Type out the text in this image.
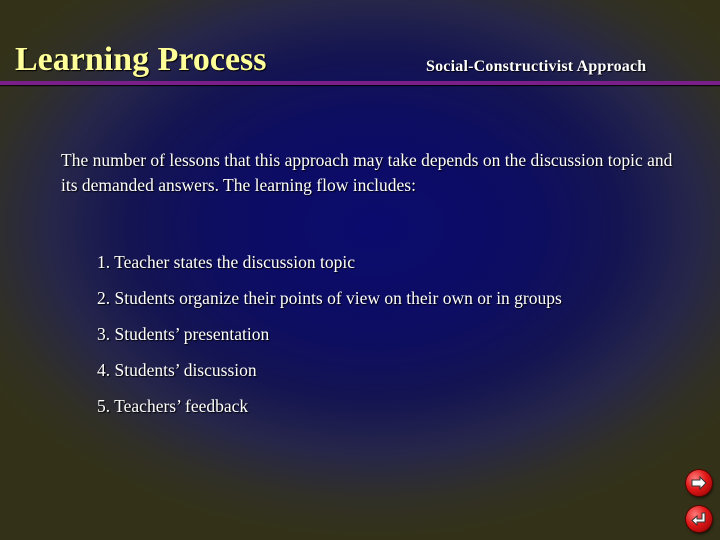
Learning Process	Social-Constructivist Approach

The number of lessons that this approach may take depends on the discussion topic and its demanded answers. The learning flow includes:

1. Teacher states the discussion topic
2. Students organize their points of view on their own or in groups
3. Students’ presentation
4. Students’ discussion
5. Teachers’ feedback
